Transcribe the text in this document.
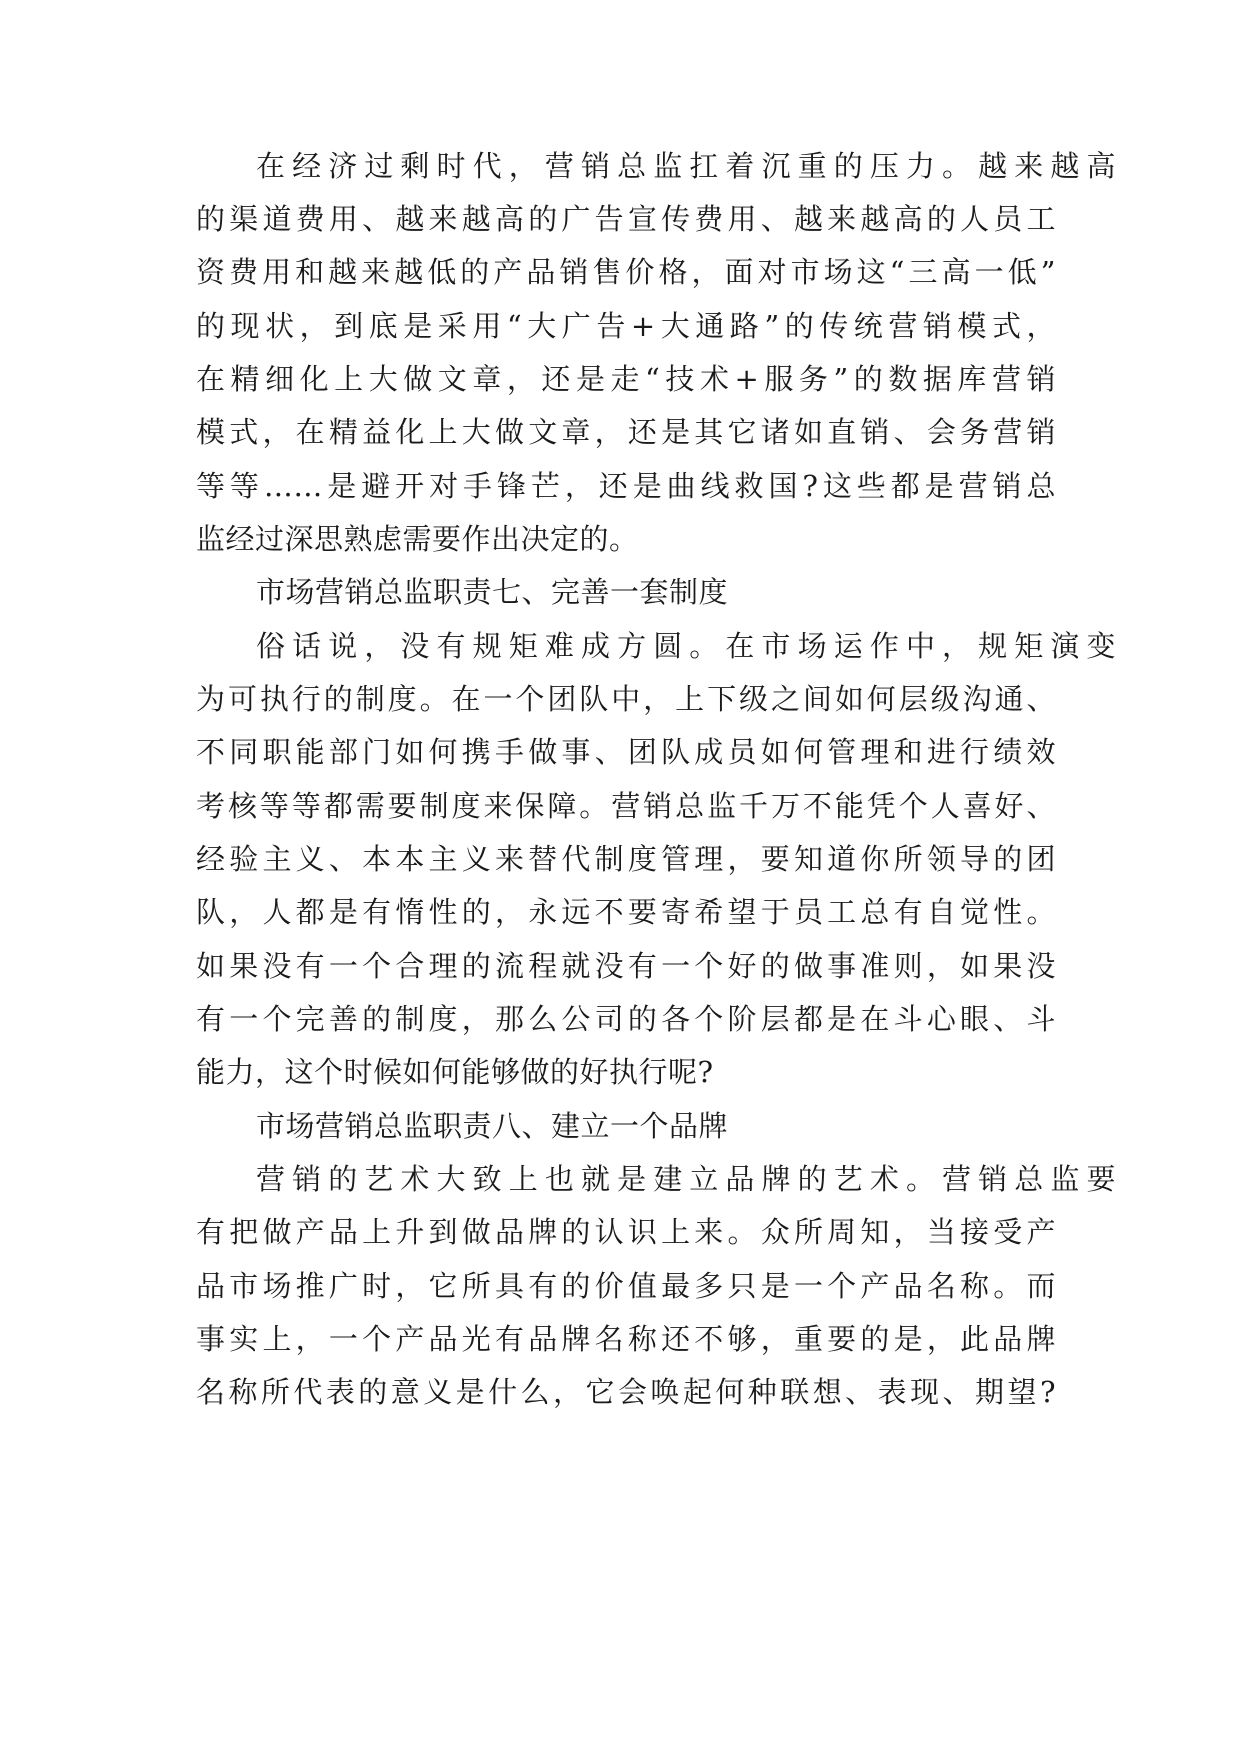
在经济过剩时代，营销总监扛着沉重的压力。越来越高
的渠道费用、越来越高的广告宣传费用、越来越高的人员工
资费用和越来越低的产品销售价格，面对市场这“三高一低”
的现状，到底是采用“大广告+大通路”的传统营销模式，
在精细化上大做文章，还是走“技术+服务”的数据库营销
模式，在精益化上大做文章，还是其它诸如直销、会务营销
等等……是避开对手锋芒，还是曲线救国?这些都是营销总
监经过深思熟虑需要作出决定的。
市场营销总监职责七、完善一套制度
俗话说，没有规矩难成方圆。在市场运作中，规矩演变
为可执行的制度。在一个团队中，上下级之间如何层级沟通、
不同职能部门如何携手做事、团队成员如何管理和进行绩效
考核等等都需要制度来保障。营销总监千万不能凭个人喜好、
经验主义、本本主义来替代制度管理，要知道你所领导的团
队，人都是有惰性的，永远不要寄希望于员工总有自觉性。
如果没有一个合理的流程就没有一个好的做事准则，如果没
有一个完善的制度，那么公司的各个阶层都是在斗心眼、斗
能力，这个时候如何能够做的好执行呢?
市场营销总监职责八、建立一个品牌
营销的艺术大致上也就是建立品牌的艺术。营销总监要
有把做产品上升到做品牌的认识上来。众所周知，当接受产
品市场推广时，它所具有的价值最多只是一个产品名称。而
事实上，一个产品光有品牌名称还不够，重要的是，此品牌
名称所代表的意义是什么，它会唤起何种联想、表现、期望?
